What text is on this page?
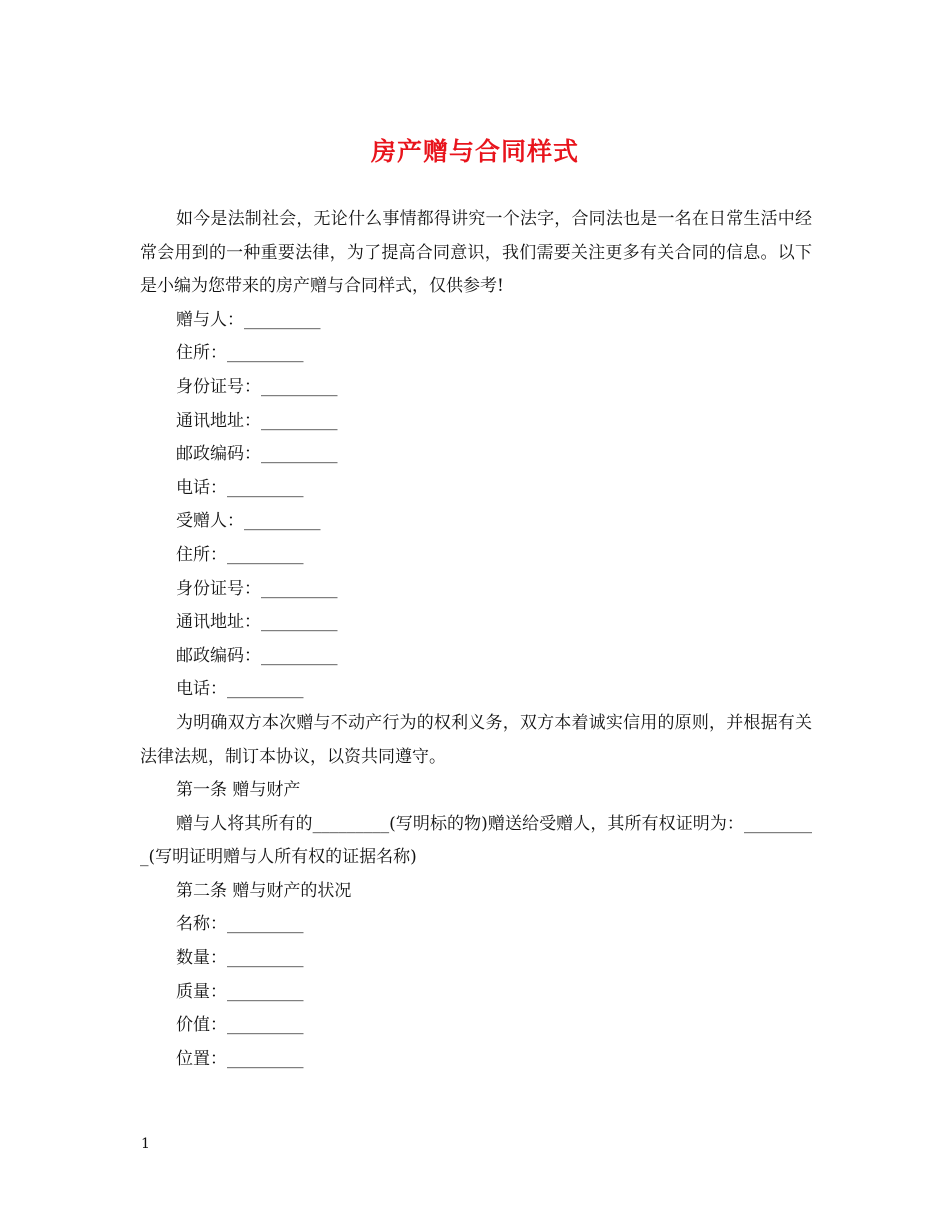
房产赠与合同样式

如今是法制社会，无论什么事情都得讲究一个法字，合同法也是一名在日常生活中经常会用到的一种重要法律，为了提高合同意识，我们需要关注更多有关合同的信息。以下是小编为您带来的房产赠与合同样式，仅供参考!

赠与人：_________

住所：_________

身份证号：_________

通讯地址：_________

邮政编码：_________

电话：_________

受赠人：_________

住所：_________

身份证号：_________

通讯地址：_________

邮政编码：_________

电话：_________

为明确双方本次赠与不动产行为的权利义务，双方本着诚实信用的原则，并根据有关法律法规，制订本协议，以资共同遵守。

第一条 赠与财产

赠与人将其所有的_________(写明标的物)赠送给受赠人，其所有权证明为：_________(写明证明赠与人所有权的证据名称)

第二条 赠与财产的状况

名称：_________

数量：_________

质量：_________

价值：_________

位置：_________

1
